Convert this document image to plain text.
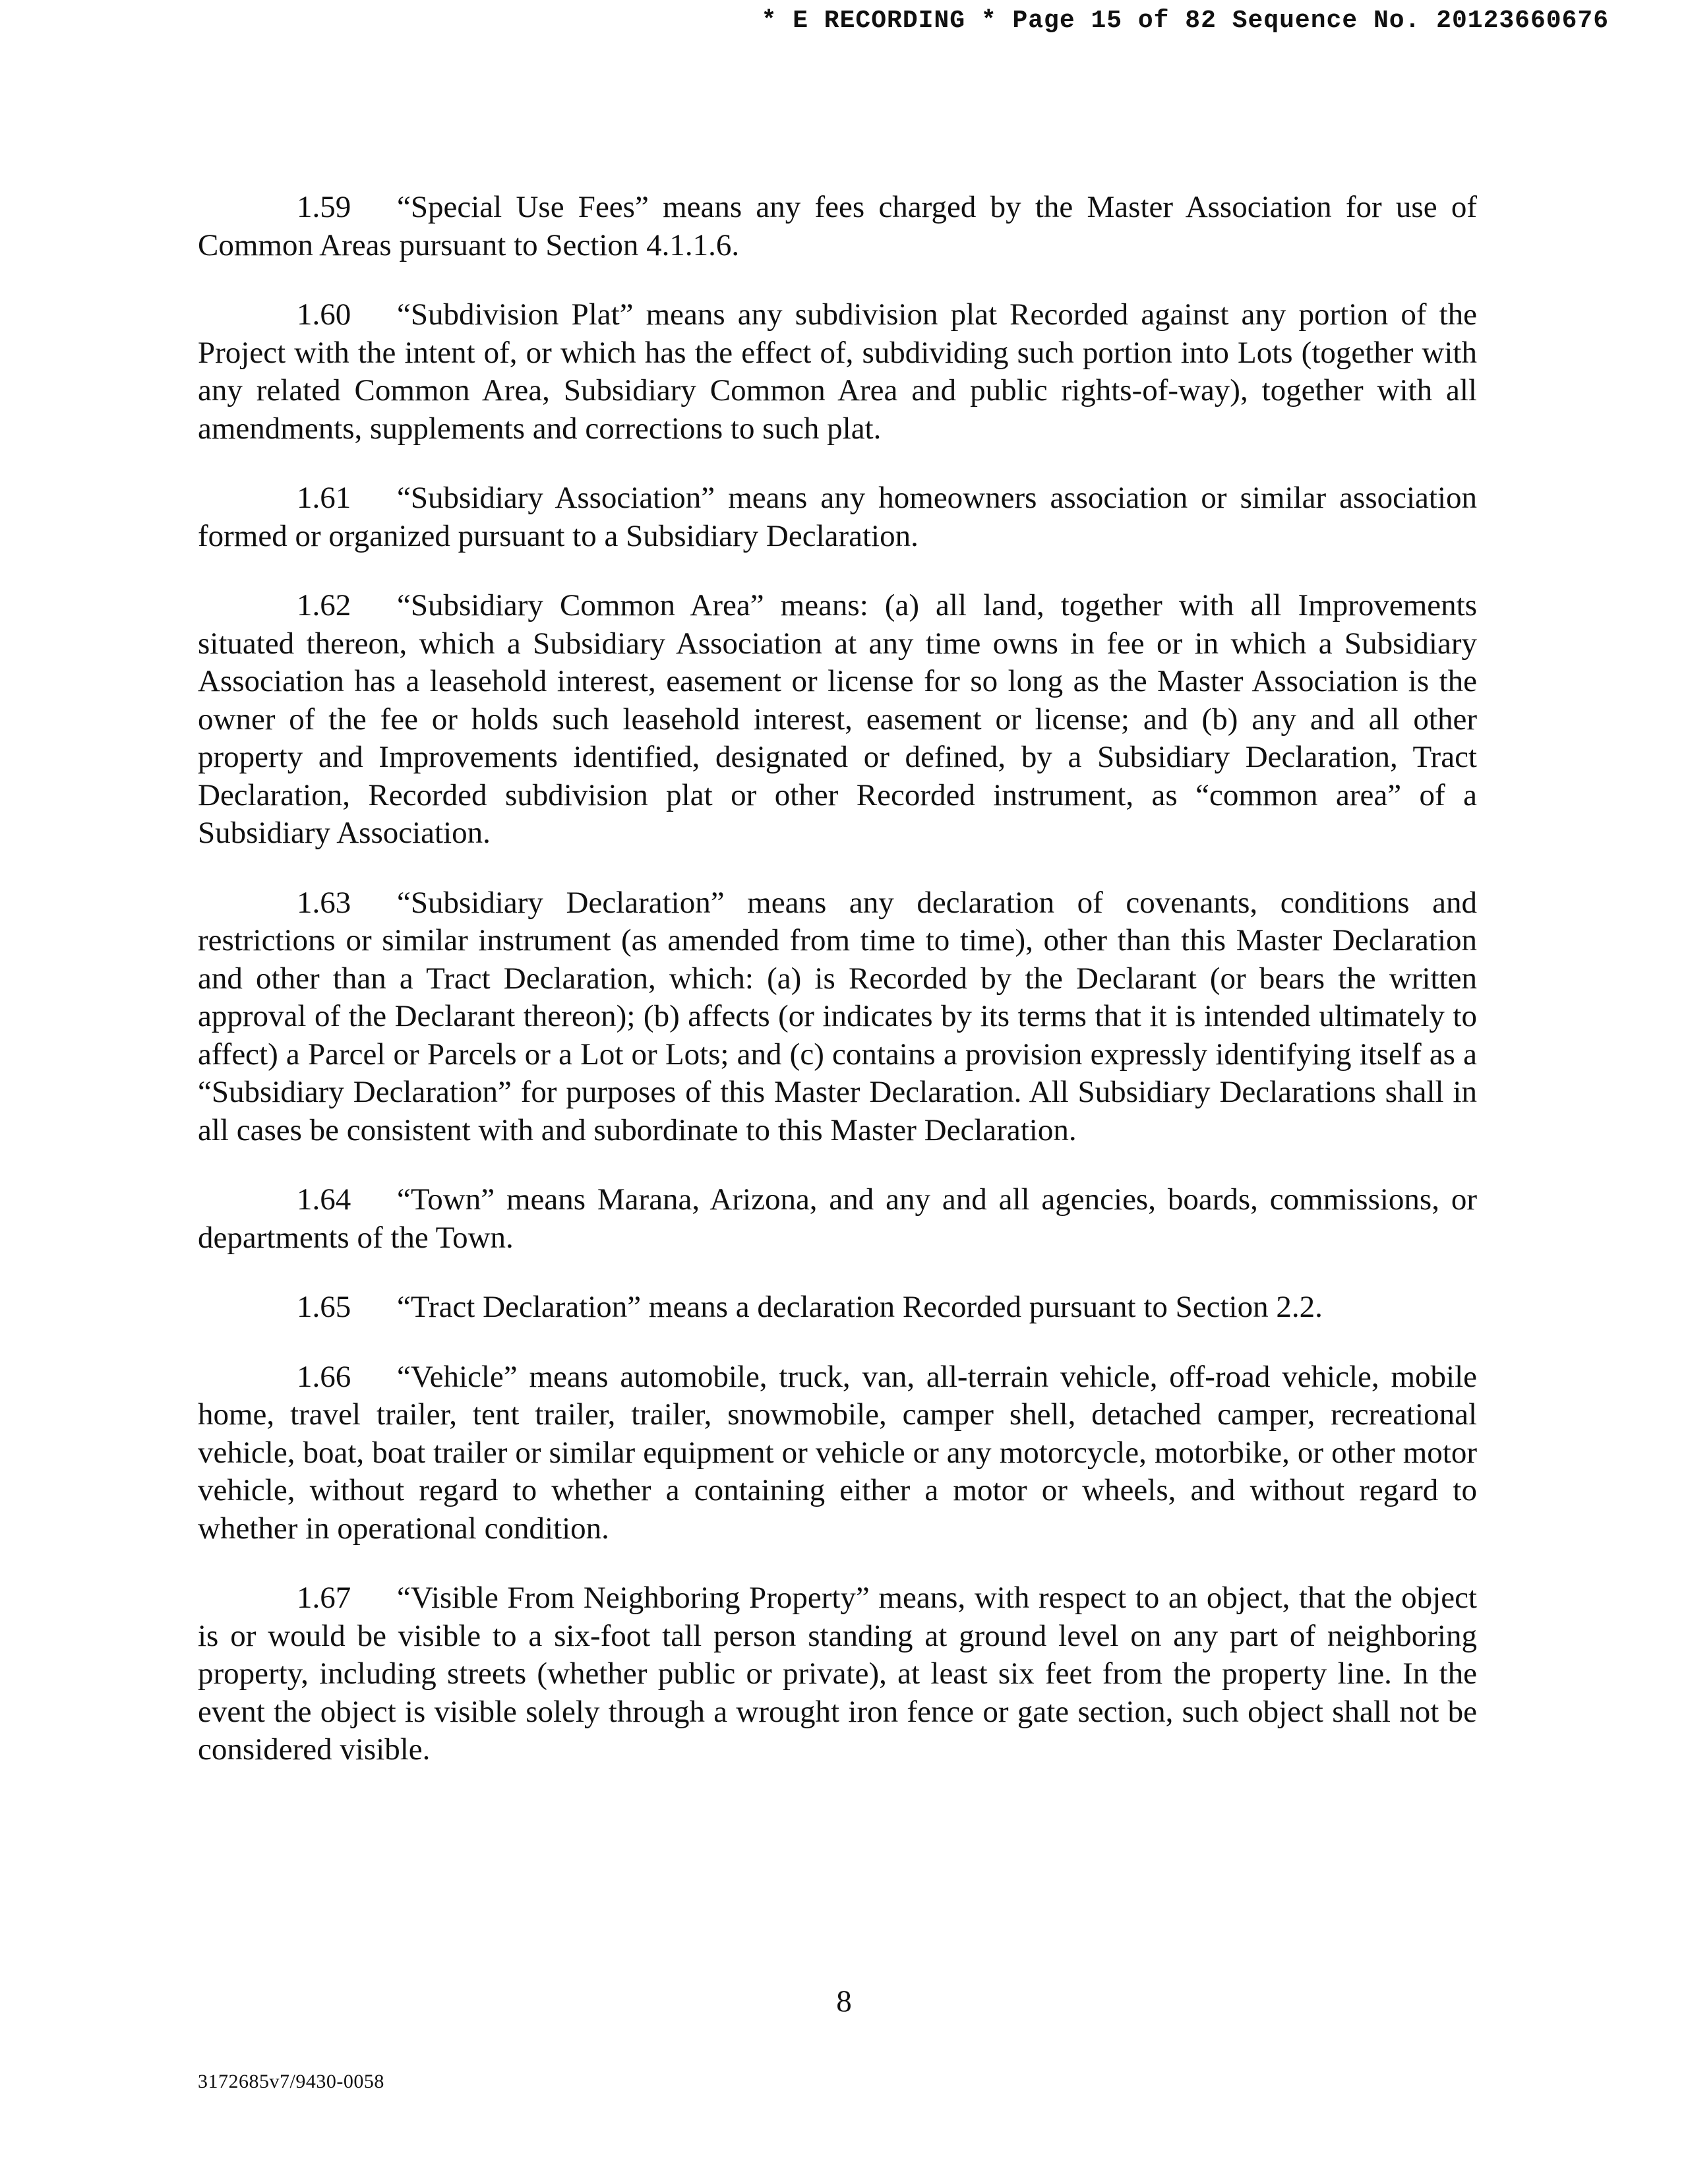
* E RECORDING * Page 15 of 82 Sequence No. 20123660676

1.59 “Special Use Fees” means any fees charged by the Master Association for use of Common Areas pursuant to Section 4.1.1.6.

1.60 “Subdivision Plat” means any subdivision plat Recorded against any portion of the Project with the intent of, or which has the effect of, subdividing such portion into Lots (together with any related Common Area, Subsidiary Common Area and public rights-of-way), together with all amendments, supplements and corrections to such plat.

1.61 “Subsidiary Association” means any homeowners association or similar association formed or organized pursuant to a Subsidiary Declaration.

1.62 “Subsidiary Common Area” means: (a) all land, together with all Improvements situated thereon, which a Subsidiary Association at any time owns in fee or in which a Subsidiary Association has a leasehold interest, easement or license for so long as the Master Association is the owner of the fee or holds such leasehold interest, easement or license; and (b) any and all other property and Improvements identified, designated or defined, by a Subsidiary Declaration, Tract Declaration, Recorded subdivision plat or other Recorded instrument, as “common area” of a Subsidiary Association.

1.63 “Subsidiary Declaration” means any declaration of covenants, conditions and restrictions or similar instrument (as amended from time to time), other than this Master Declaration and other than a Tract Declaration, which: (a) is Recorded by the Declarant (or bears the written approval of the Declarant thereon); (b) affects (or indicates by its terms that it is intended ultimately to affect) a Parcel or Parcels or a Lot or Lots; and (c) contains a provision expressly identifying itself as a “Subsidiary Declaration” for purposes of this Master Declaration. All Subsidiary Declarations shall in all cases be consistent with and subordinate to this Master Declaration.

1.64 “Town” means Marana, Arizona, and any and all agencies, boards, commissions, or departments of the Town.

1.65 “Tract Declaration” means a declaration Recorded pursuant to Section 2.2.

1.66 “Vehicle” means automobile, truck, van, all-terrain vehicle, off-road vehicle, mobile home, travel trailer, tent trailer, trailer, snowmobile, camper shell, detached camper, recreational vehicle, boat, boat trailer or similar equipment or vehicle or any motorcycle, motorbike, or other motor vehicle, without regard to whether a containing either a motor or wheels, and without regard to whether in operational condition.

1.67 “Visible From Neighboring Property” means, with respect to an object, that the object is or would be visible to a six-foot tall person standing at ground level on any part of neighboring property, including streets (whether public or private), at least six feet from the property line. In the event the object is visible solely through a wrought iron fence or gate section, such object shall not be considered visible.

8
3172685v7/9430-0058
